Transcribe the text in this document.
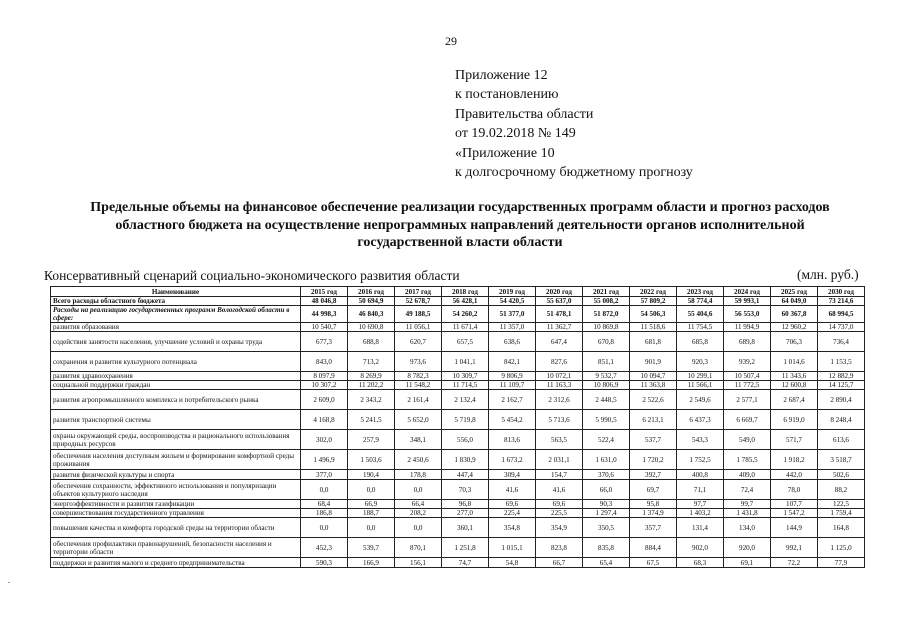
29
Приложение 12
к постановлению
Правительства области
от 19.02.2018 № 149
«Приложение 10
к долгосрочному бюджетному прогнозу
Предельные объемы на финансовое обеспечение реализации государственных программ области и прогноз расходов
областного бюджета на осуществление непрограммных направлений деятельности органов исполнительной
государственной власти области
Консервативный сценарий социально-экономического развития области	(млн. руб.)
Наименование	2015 год	2016 год	2017 год	2018 год	2019 год	2020 год	2021 год	2022 год	2023 год	2024 год	2025 год	2030 год
Всего расходы областного бюджета	48 046,8	50 694,9	52 678,7	56 428,1	54 420,5	55 637,0	55 008,2	57 809,2	58 774,4	59 993,1	64 049,0	73 214,6
Расходы на реализацию государственных программ Вологодской области в сфере:	44 998,3	46 840,3	49 188,5	54 260,2	51 377,0	51 478,1	51 872,0	54 506,3	55 404,6	56 553,0	60 367,8	68 994,5
развития образования	10 540,7	10 690,8	11 056,1	11 671,4	11 357,0	11 362,7	10 869,8	11 518,6	11 754,5	11 994,9	12 960,2	14 737,0
содействия занятости населения, улучшение условий и охраны труда	677,3	688,8	620,7	657,5	638,6	647,4	670,8	681,8	685,8	689,8	706,3	736,4
сохранения и развития культурного потенциала	843,0	713,2	973,6	1 041,1	842,1	827,6	851,1	901,9	920,3	939,2	1 014,6	1 153,5
развития здравоохранения	8 097,9	8 269,9	8 782,3	10 309,7	9 806,9	10 072,1	9 532,7	10 094,7	10 299,1	10 507,4	11 343,6	12 882,9
социальной поддержки граждан	10 307,2	11 202,2	11 548,2	11 714,5	11 109,7	11 163,3	10 806,9	11 363,8	11 566,1	11 772,5	12 600,8	14 125,7
развития агропромышленного комплекса и потребительского рынка	2 609,0	2 343,2	2 161,4	2 132,4	2 162,7	2 312,6	2 448,5	2 522,6	2 549,6	2 577,1	2 687,4	2 890,4
развития транспортной системы	4 168,8	5 241,5	5 652,0	5 719,8	5 454,2	5 713,6	5 990,5	6 213,1	6 437,3	6 669,7	6 919,0	8 248,4
охраны окружающей среды, воспроизводства и рационального использования природных ресурсов	302,0	257,9	348,1	556,0	813,6	563,5	522,4	537,7	543,3	549,0	571,7	613,6
обеспечения населения доступным жильем и формирование комфортной среды проживания	1 496,9	1 503,6	2 450,6	1 830,9	1 673,2	2 031,1	1 631,0	1 720,2	1 752,5	1 785,5	1 918,2	3 518,7
развития физической культуры и спорта	377,0	190,4	178,8	447,4	309,4	154,7	370,6	392,7	400,8	409,0	442,0	502,6
обеспечения сохранности, эффективного использования и популяризации объектов культурного наследия	0,0	0,0	0,0	70,3	41,6	41,6	66,0	69,7	71,1	72,4	78,0	88,2
энергоэффективности и развития газификации	68,4	66,9	66,4	96,8	69,6	69,6	90,3	95,8	97,7	99,7	107,7	122,5
совершенствования государственного управления	186,8	188,7	208,2	277,0	225,4	225,5	1 297,4	1 374,9	1 403,2	1 431,8	1 547,2	1 759,4
повышения качества и комфорта городской среды на территории области	0,0	0,0	0,0	360,1	354,8	354,9	350,5	357,7	131,4	134,0	144,9	164,8
обеспечения профилактики правонарушений, безопасности населения и территории области	452,3	539,7	870,1	1 251,8	1 015,1	823,8	835,8	884,4	902,0	920,0	992,1	1 125,0
поддержки и развития малого и среднего предпринимательства	590,3	166,9	156,1	74,7	54,8	66,7	65,4	67,5	68,3	69,1	72,2	77,9
